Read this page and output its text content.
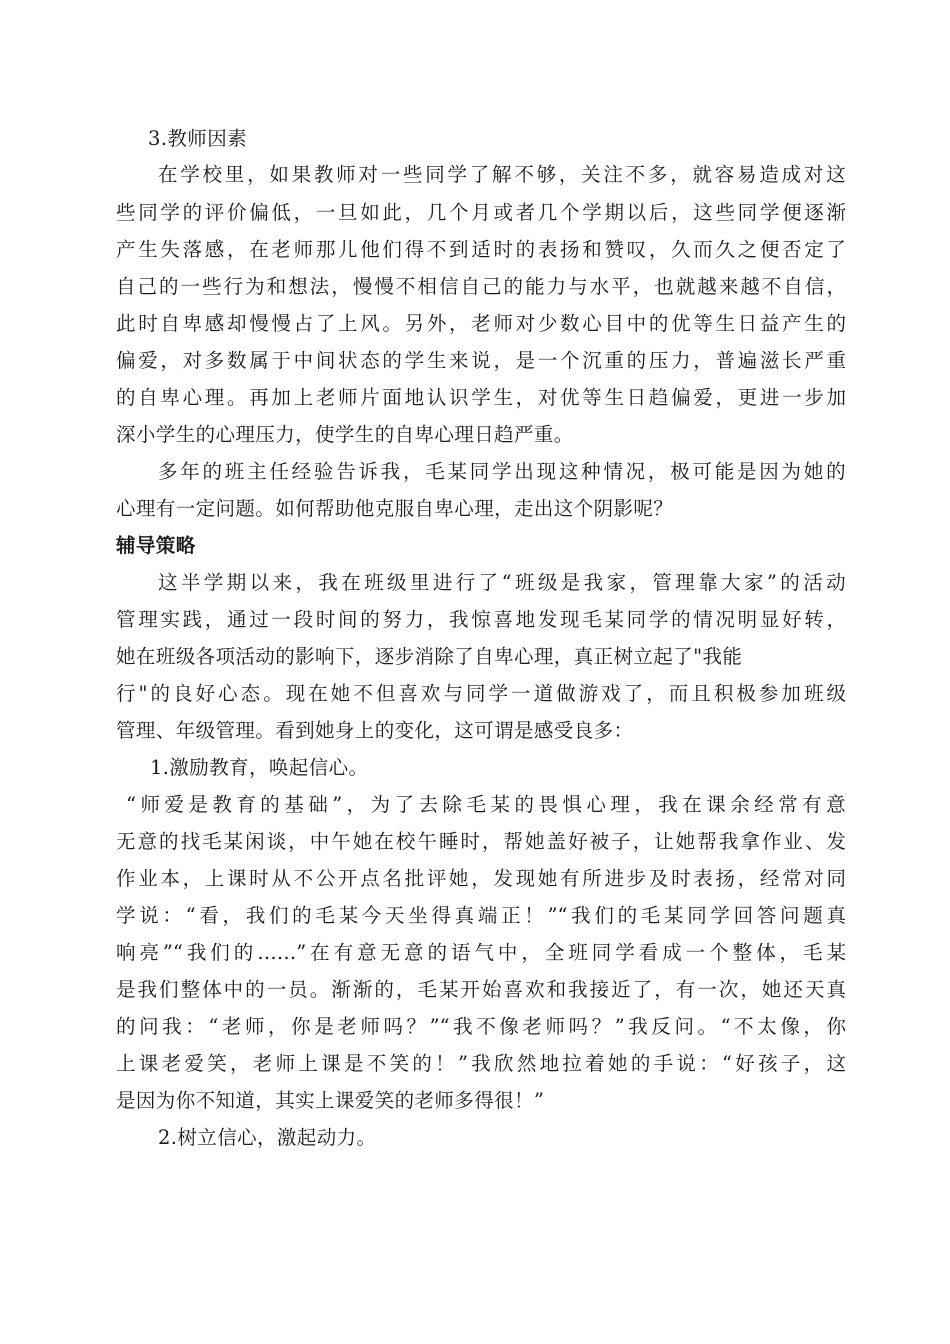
3.教师因素
在学校里，如果教师对一些同学了解不够，关注不多，就容易造成对这
些同学的评价偏低，一旦如此，几个月或者几个学期以后，这些同学便逐渐
产生失落感，在老师那儿他们得不到适时的表扬和赞叹，久而久之便否定了
自己的一些行为和想法，慢慢不相信自己的能力与水平，也就越来越不自信，
此时自卑感却慢慢占了上风。另外，老师对少数心目中的优等生日益产生的
偏爱，对多数属于中间状态的学生来说，是一个沉重的压力，普遍滋长严重
的自卑心理。再加上老师片面地认识学生，对优等生日趋偏爱，更进一步加
深小学生的心理压力，使学生的自卑心理日趋严重。
多年的班主任经验告诉我，毛某同学出现这种情况，极可能是因为她的
心理有一定问题。如何帮助他克服自卑心理，走出这个阴影呢？
辅导策略
这半学期以来，我在班级里进行了“班级是我家，管理靠大家”的活动
管理实践，通过一段时间的努力，我惊喜地发现毛某同学的情况明显好转，
她在班级各项活动的影响下，逐步消除了自卑心理，真正树立起了"我能
行"的良好心态。现在她不但喜欢与同学一道做游戏了，而且积极参加班级
管理、年级管理。看到她身上的变化，这可谓是感受良多：
1.激励教育，唤起信心。
“师爱是教育的基础”，为了去除毛某的畏惧心理，我在课余经常有意
无意的找毛某闲谈，中午她在校午睡时，帮她盖好被子，让她帮我拿作业、发
作业本，上课时从不公开点名批评她，发现她有所进步及时表扬，经常对同
学说：“看，我们的毛某今天坐得真端正！”“我们的毛某同学回答问题真
响亮”“我们的……”在有意无意的语气中，全班同学看成一个整体，毛某
是我们整体中的一员。渐渐的，毛某开始喜欢和我接近了，有一次，她还天真
的问我：“老师，你是老师吗？”“我不像老师吗？”我反问。“不太像，你
上课老爱笑，老师上课是不笑的！”我欣然地拉着她的手说：“好孩子，这
是因为你不知道，其实上课爱笑的老师多得很！”
2.树立信心，激起动力。
